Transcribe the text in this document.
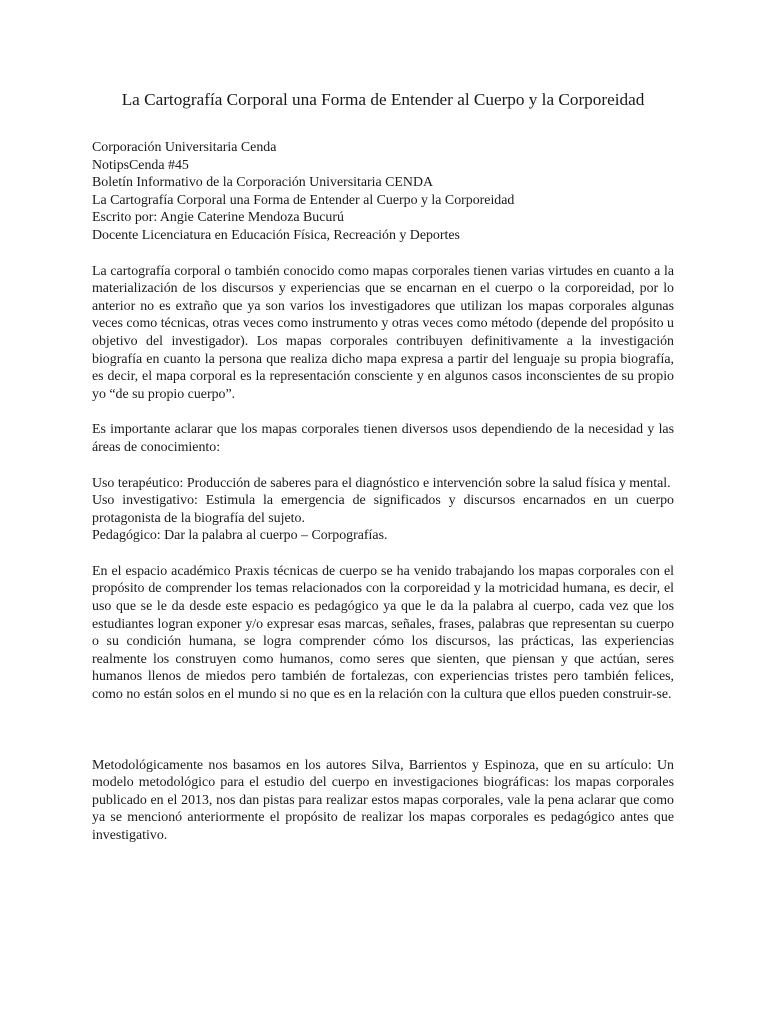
La Cartografía Corporal una Forma de Entender al Cuerpo y la Corporeidad
Corporación Universitaria Cenda
NotipsCenda #45
Boletín Informativo de la Corporación Universitaria CENDA
La Cartografía Corporal una Forma de Entender al Cuerpo y la Corporeidad
Escrito por: Angie Caterine Mendoza Bucurú
Docente Licenciatura en Educación Física, Recreación y Deportes

La cartografía corporal o también conocido como mapas corporales tienen varias virtudes en cuanto a la materialización de los discursos y experiencias que se encarnan en el cuerpo o la corporeidad, por lo anterior no es extraño que ya son varios los investigadores que utilizan los mapas corporales algunas veces como técnicas, otras veces como instrumento y otras veces como método (depende del propósito u objetivo del investigador). Los mapas corporales contribuyen definitivamente a la investigación biografía en cuanto la persona que realiza dicho mapa expresa a partir del lenguaje su propia biografía, es decir, el mapa corporal es la representación consciente y en algunos casos inconscientes de su propio yo “de su propio cuerpo”.

Es importante aclarar que los mapas corporales tienen diversos usos dependiendo de la necesidad y las áreas de conocimiento:

Uso terapéutico: Producción de saberes para el diagnóstico e intervención sobre la salud física y mental.
Uso investigativo: Estimula la emergencia de significados y discursos encarnados en un cuerpo protagonista de la biografía del sujeto.
Pedagógico: Dar la palabra al cuerpo – Corpografías.

En el espacio académico Praxis técnicas de cuerpo se ha venido trabajando los mapas corporales con el propósito de comprender los temas relacionados con la corporeidad y la motricidad humana, es decir, el uso que se le da desde este espacio es pedagógico ya que le da la palabra al cuerpo, cada vez que los estudiantes logran exponer y/o expresar esas marcas, señales, frases, palabras que representan su cuerpo o su condición humana, se logra comprender cómo los discursos, las prácticas, las experiencias realmente los construyen como humanos, como seres que sienten, que piensan y que actúan, seres humanos llenos de miedos pero también de fortalezas, con experiencias tristes pero también felices, como no están solos en el mundo si no que es en la relación con la cultura que ellos pueden construir-se.

Metodológicamente nos basamos en los autores Silva, Barrientos y Espinoza, que en su artículo: Un modelo metodológico para el estudio del cuerpo en investigaciones biográficas: los mapas corporales publicado en el 2013, nos dan pistas para realizar estos mapas corporales, vale la pena aclarar que como ya se mencionó anteriormente el propósito de realizar los mapas corporales es pedagógico antes que investigativo.
